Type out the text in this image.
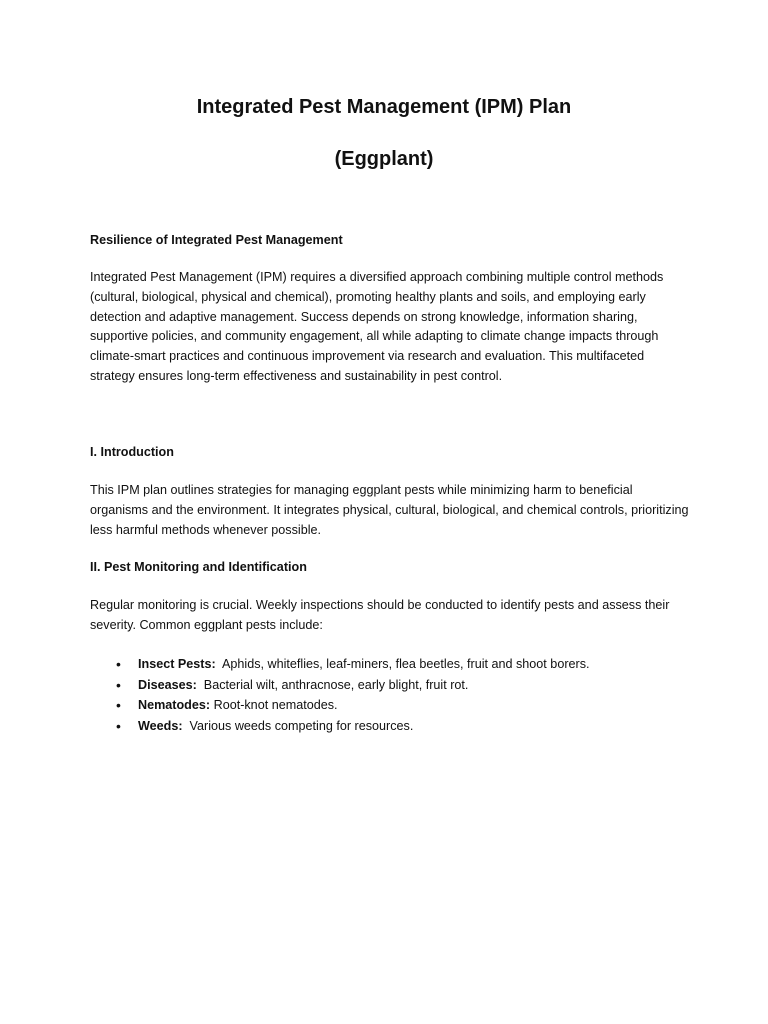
Integrated Pest Management (IPM) Plan
(Eggplant)

Resilience of Integrated Pest Management

Integrated Pest Management (IPM) requires a diversified approach combining multiple control methods (cultural, biological, physical and chemical), promoting healthy plants and soils, and employing early detection and adaptive management. Success depends on strong knowledge, information sharing, supportive policies, and community engagement, all while adapting to climate change impacts through climate-smart practices and continuous improvement via research and evaluation. This multifaceted strategy ensures long-term effectiveness and sustainability in pest control.

I. Introduction

This IPM plan outlines strategies for managing eggplant pests while minimizing harm to beneficial organisms and the environment. It integrates physical, cultural, biological, and chemical controls, prioritizing less harmful methods whenever possible.

II. Pest Monitoring and Identification

Regular monitoring is crucial. Weekly inspections should be conducted to identify pests and assess their severity. Common eggplant pests include:

• Insect Pests:  Aphids, whiteflies, leaf-miners, flea beetles, fruit and shoot borers.
• Diseases:  Bacterial wilt, anthracnose, early blight, fruit rot.
• Nematodes: Root-knot nematodes.
• Weeds:  Various weeds competing for resources.
